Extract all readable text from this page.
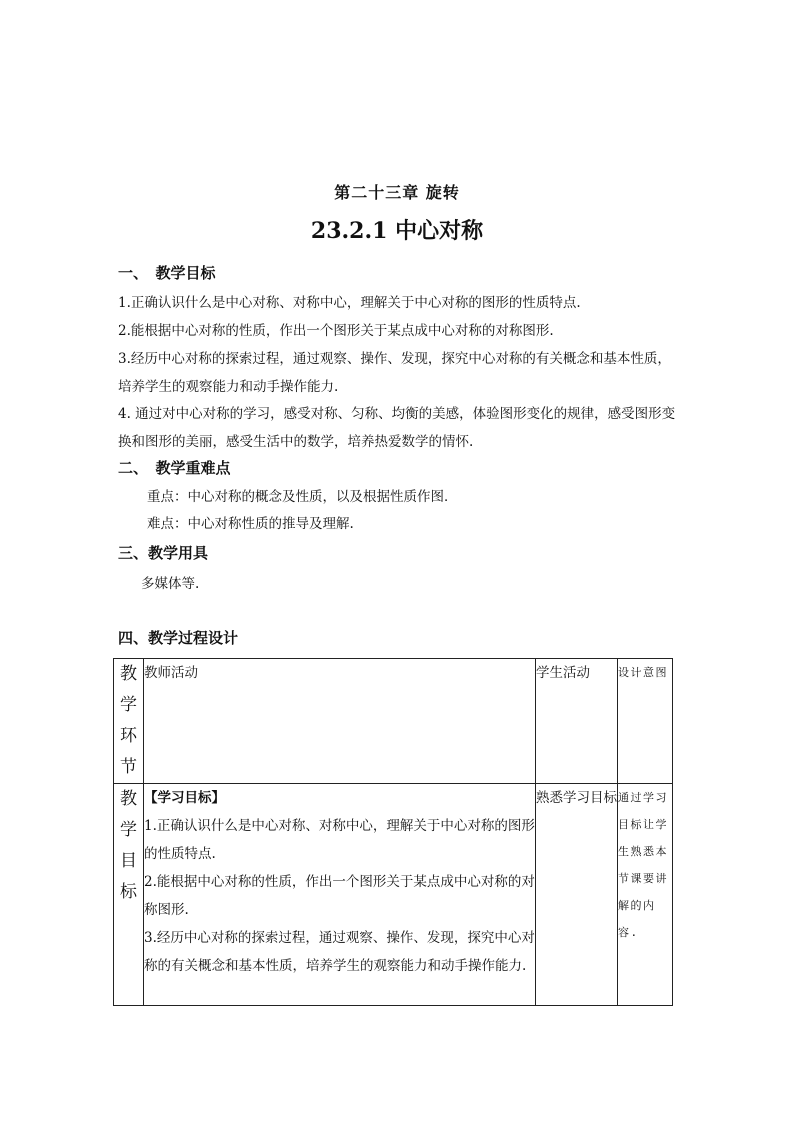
第二十三章 旋转
23.2.1 中心对称
一、　教学目标
1.正确认识什么是中心对称、对称中心，理解关于中心对称的图形的性质特点.
2.能根据中心对称的性质，作出一个图形关于某点成中心对称的对称图形.
3.经历中心对称的探索过程，通过观察、操作、发现，探究中心对称的有关概念和基本性质，培养学生的观察能力和动手操作能力.
4. 通过对中心对称的学习，感受对称、匀称、均衡的美感，体验图形变化的规律，感受图形变换和图形的美丽，感受生活中的数学，培养热爱数学的情怀.
二、　教学重难点
重点：中心对称的概念及性质，以及根据性质作图．
难点：中心对称性质的推导及理解.
三、教学用具
多媒体等.
四、教学过程设计
教
学
环
节	教师活动	学生活动	设计意图
教
学
目
标	【学习目标】
1.正确认识什么是中心对称、对称中心，理解关于中心对称的图形的性质特点.
2.能根据中心对称的性质，作出一个图形关于某点成中心对称的对称图形.
3.经历中心对称的探索过程，通过观察、操作、发现，探究中心对称的有关概念和基本性质，培养学生的观察能力和动手操作能力.	熟悉学习目标	通过学习目标让学生熟悉本节课要讲解的内容.
